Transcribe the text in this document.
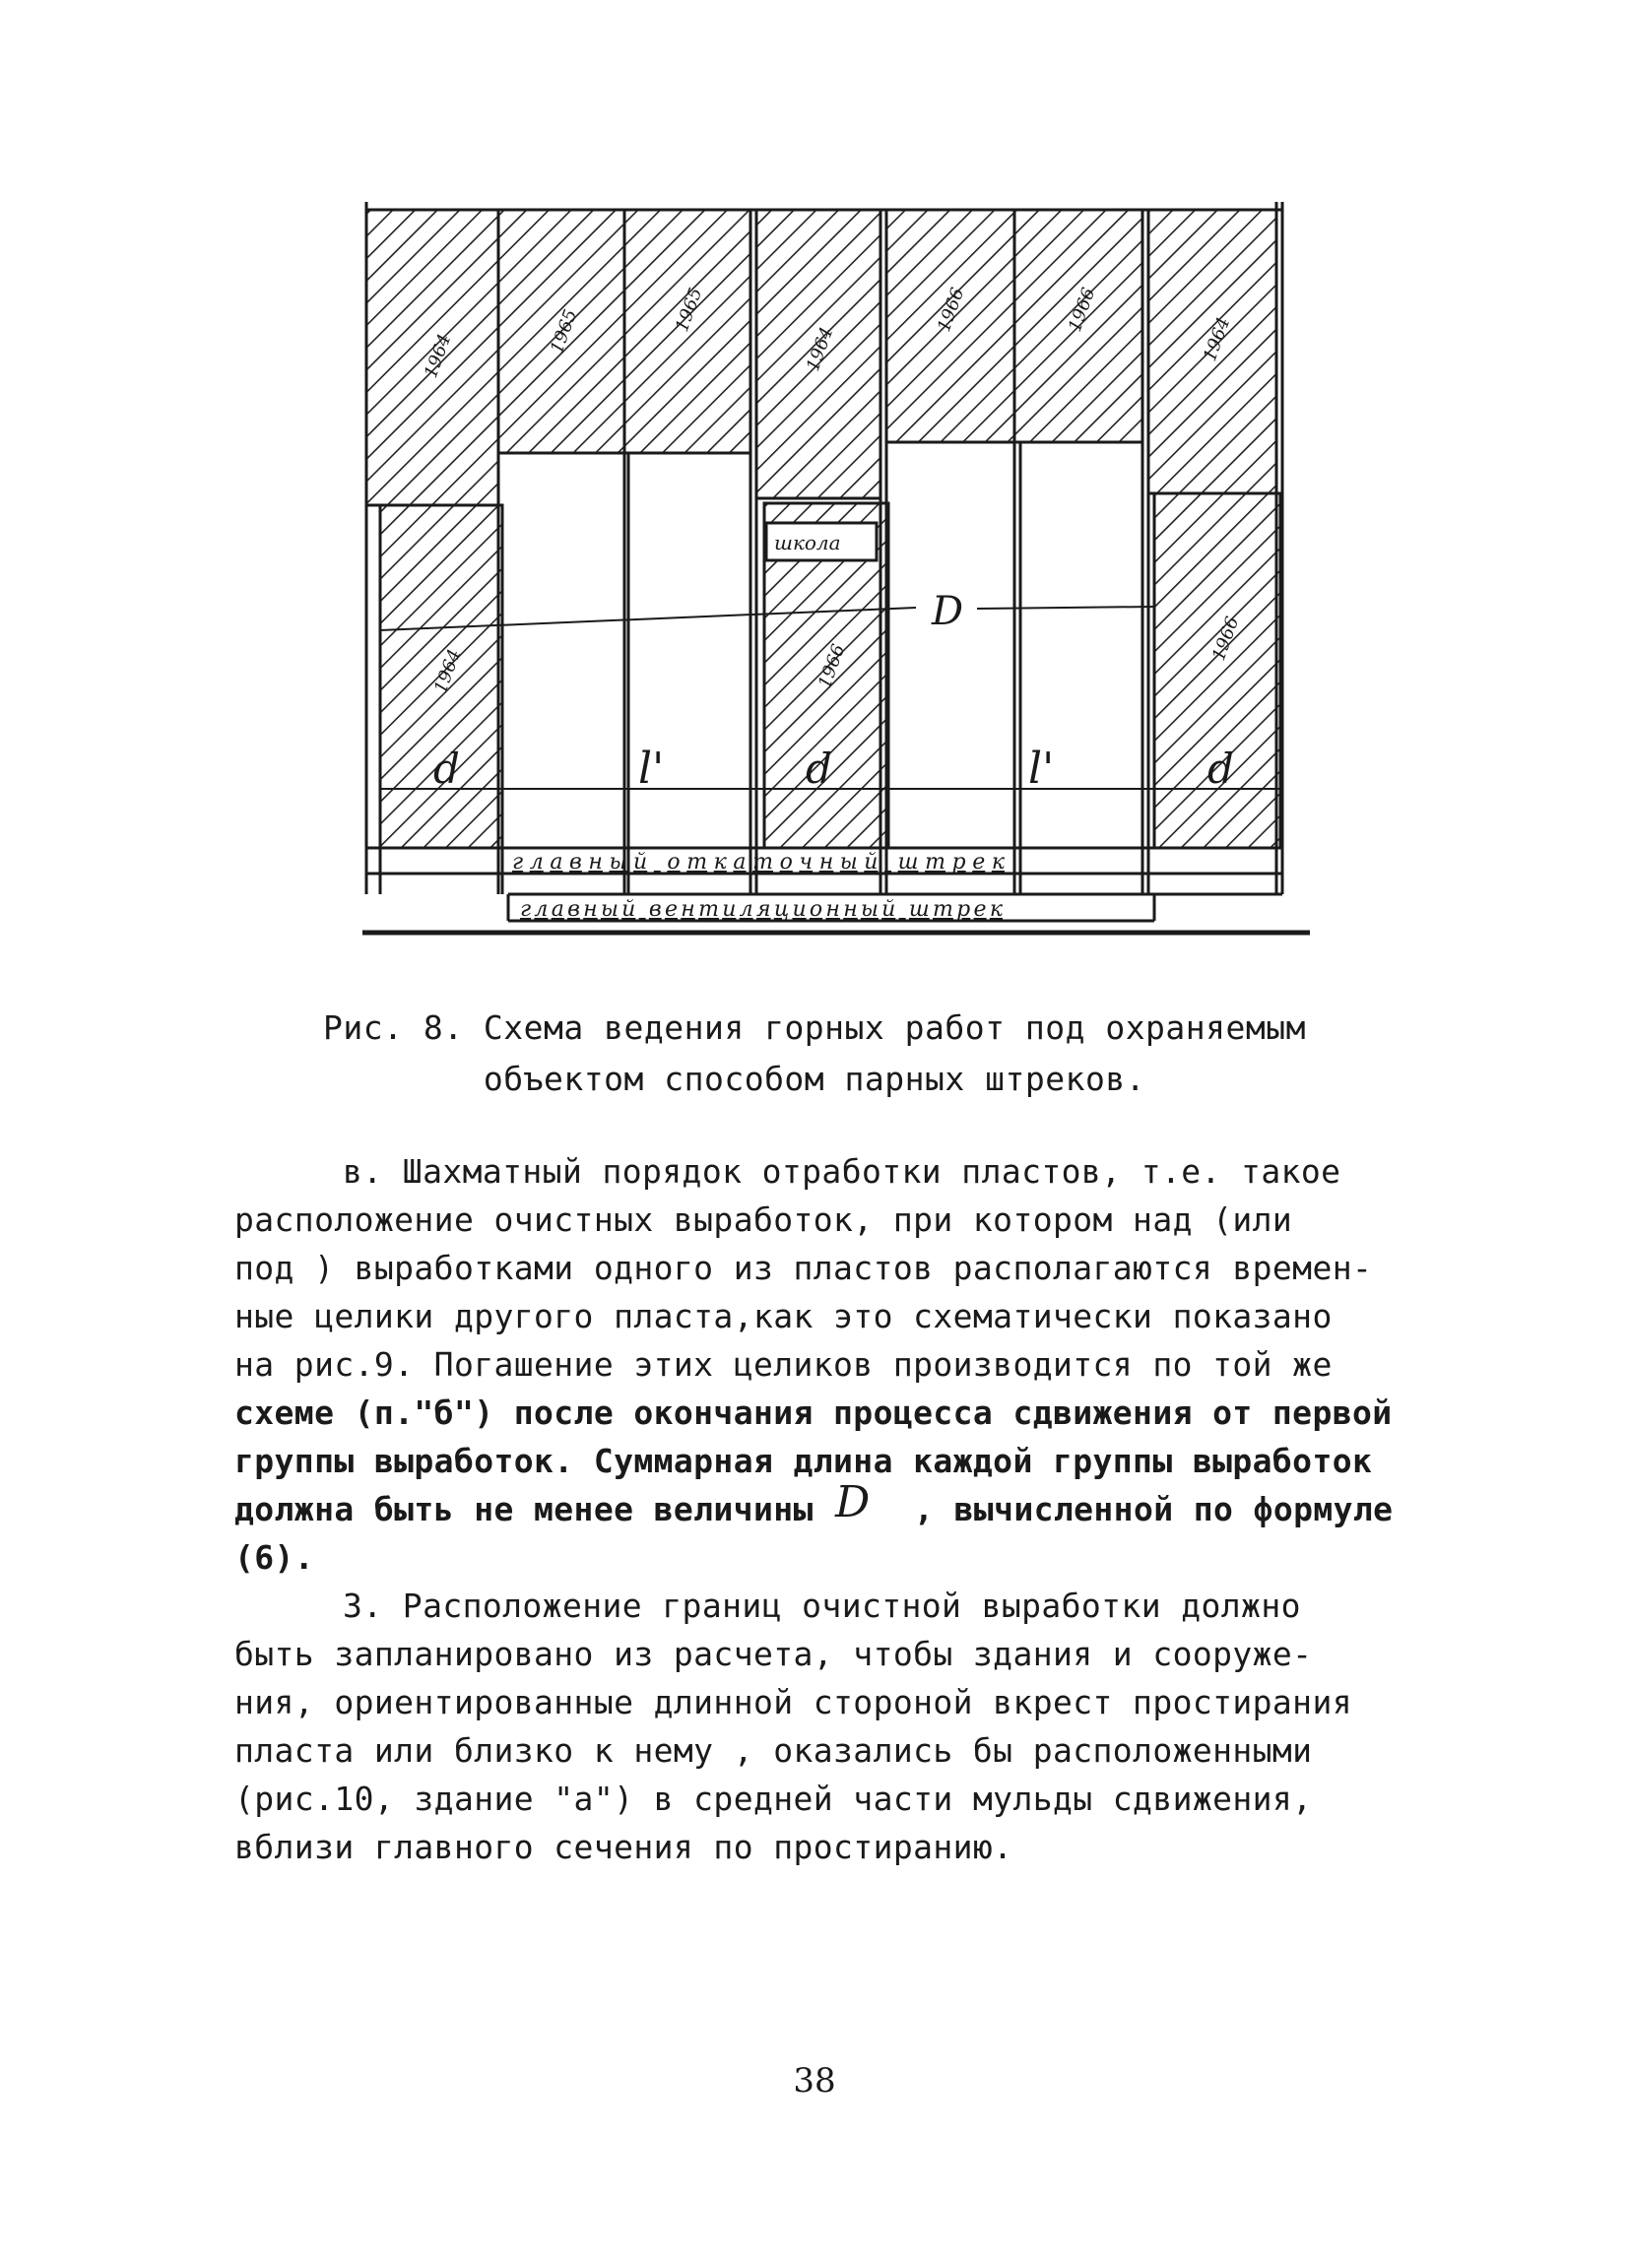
D
d	l'	d	l'	d
1964	1965	1965
1964
1966	1966
1964
1964	1966
1966
школа
главный откаточный штрек
главный вентиляционный штрек
Рис. 8. Схема ведения горных работ под охраняемым
объектом способом парных штреков.
в. Шахматный порядок отработки пластов, т.е. такое
расположение очистных выработок, при котором над (или
под ) выработками одного из пластов располагаются времен-
ные целики другого пласта,как это схематически показано
на рис.9. Погашение этих целиков производится по той же
схеме (п."б") после окончания процесса сдвижения от первой
группы выработок. Суммарная длина каждой группы выработок
должна быть не менее величины D , вычисленной по формуле
(6).
3. Расположение границ очистной выработки должно
быть запланировано из расчета, чтобы здания и сооруже-
ния, ориентированные длинной стороной вкрест простирания
пласта или близко к нему , оказались бы расположенными
(рис.10, здание "а") в средней части мульды сдвижения,
вблизи главного сечения по простиранию.
38
